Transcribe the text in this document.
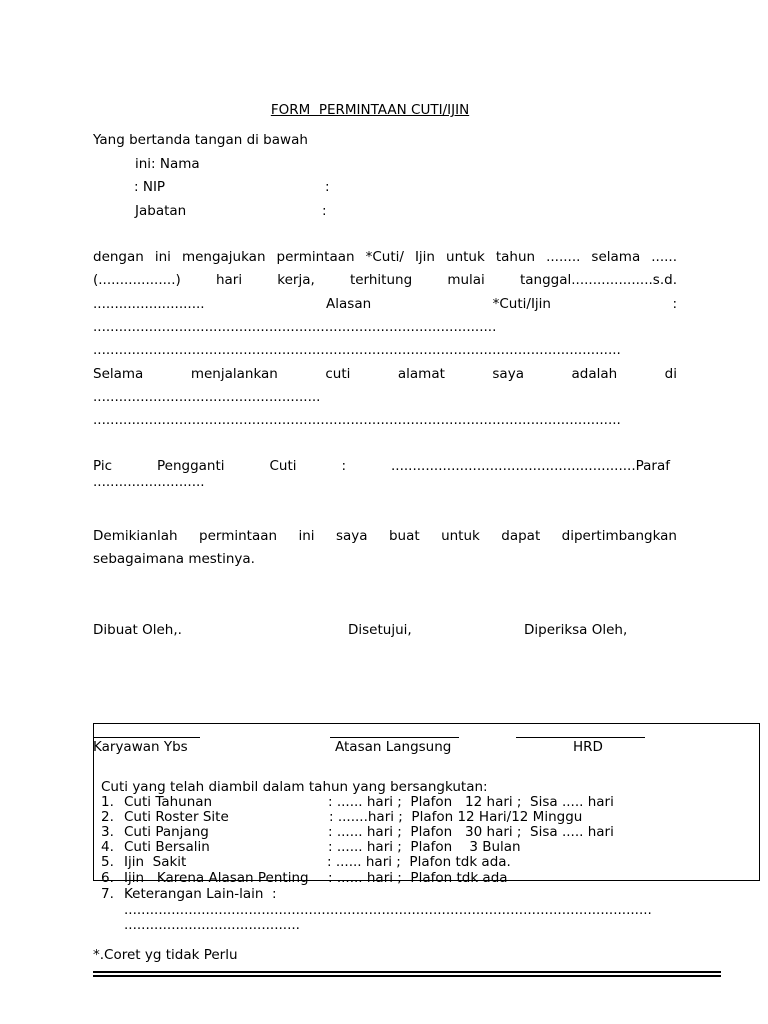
FORM  PERMINTAAN CUTI/IJIN
Yang bertanda tangan di bawah
ini: Nama
: NIP	:
Jabatan	:
dengan ini mengajukan permintaan *Cuti/ Ijin untuk tahun ........ selama ......
(..................) hari kerja, terhitung mulai tanggal...................s.d.
.......................... Alasan *Cuti/Ijin :
..............................................................................................
...........................................................................................................................
Selama menjalankan cuti alamat saya adalah di
.....................................................
...........................................................................................................................
Pic Pengganti Cuti : .........................................................Paraf
..........................
Demikianlah permintaan ini saya buat untuk dapat dipertimbangkan
sebagaimana mestinya.
Dibuat Oleh,.	Disetujui,	Diperiksa Oleh,
Karyawan Ybs	Atasan Langsung	HRD
Cuti yang telah diambil dalam tahun yang bersangkutan:
1. Cuti Tahunan	: ...... hari ;  Plafon   12 hari ;  Sisa ..... hari
2. Cuti Roster Site	: .......hari ;  Plafon 12 Hari/12 Minggu
3. Cuti Panjang	: ...... hari ;  Plafon   30 hari ;  Sisa ..... hari
4. Cuti Bersalin	: ...... hari ;  Plafon    3 Bulan
5. Ijin  Sakit	: ...... hari ;  Plafon tdk ada.
6. Ijin   Karena Alasan Penting : ...... hari ;  Plafon tdk ada
7. Keterangan Lain-lain  :
...........................................................................................................................
.........................................
*.Coret yg tidak Perlu
